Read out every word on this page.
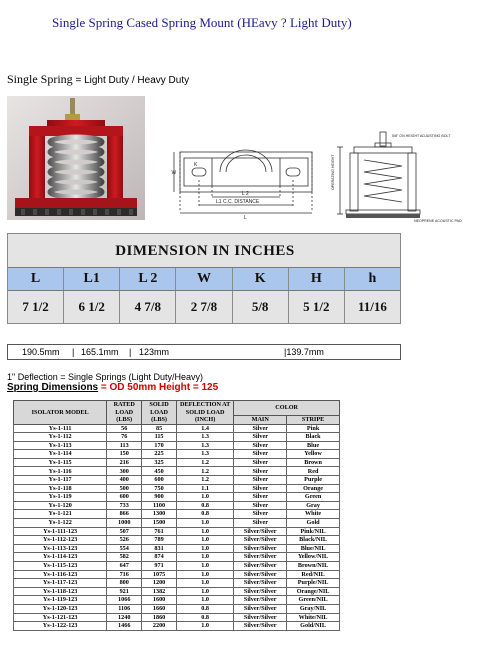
Single Spring Cased Spring Mount (HEavy ? Light Duty)
Single Spring = Light Duty / Heavy Duty
L 2
L1 C.C. DISTANCE
L
W
K
5/8" ON HEIGHT ADJUSTING BOLT
OPERATING HEIGHT
NEOPRENE ACOUSTIC PAD
DIMENSION IN INCHES
L	L1	L 2	W	K	H	h
7 1/2	6 1/2	4 7/8	2 7/8	5/8	5 1/2	11/16
190.5mm | 165.1mm | 123mm	|139.7mm
1" Deflection = Single Springs (Light Duty/Heavy)
Spring Dimensions = OD 50mm Height = 125
ISOLATOR MODEL	RATED LOAD (LBS)	SOLID LOAD (LBS)	DEFLECTION AT SOLID LOAD (INCH)	COLOR	
				MAIN	STRIPE
Ys-1-111	56	85	1.4	Silver	Pink
Ys-1-112	76	115	1.3	Silver	Black
Ys-1-113	113	170	1.3	Silver	Blue
Ys-1-114	150	225	1.3	Silver	Yellow
Ys-1-115	216	325	1.2	Silver	Brown
Ys-1-116	300	450	1.2	Silver	Red
Ys-1-117	400	600	1.2	Silver	Purple
Ys-1-118	500	750	1.1	Silver	Orange
Ys-1-119	600	900	1.0	Silver	Green
Ys-1-120	733	1100	0.8	Silver	Gray
Ys-1-121	866	1300	0.8	Silver	White
Ys-1-122	1000	1500	1.0	Silver	Gold
Ys-1-111-123	507	761	1.0	Silver/Silver	Pink/NIL
Ys-1-112-123	526	789	1.0	Silver/Silver	Black/NIL
Ys-1-113-123	554	831	1.0	Silver/Silver	Blue/NIL
Ys-1-114-123	582	874	1.0	Silver/Silver	Yellow/NIL
Ys-1-115-123	647	971	1.0	Silver/Silver	Brown/NIL
Ys-1-116-123	716	1075	1.0	Silver/Silver	Red/NIL
Ys-1-117-123	800	1200	1.0	Silver/Silver	Purple/NIL
Ys-1-118-123	921	1382	1.0	Silver/Silver	Orange/NIL
Ys-1-119-123	1066	1600	1.0	Silver/Silver	Green/NIL
Ys-1-120-123	1106	1660	0.8	Silver/Silver	Gray/NIL
Ys-1-121-123	1240	1860	0.8	Silver/Silver	White/NIL
Ys-1-122-123	1466	2200	1.0	Silver/Silver	Gold/NIL
